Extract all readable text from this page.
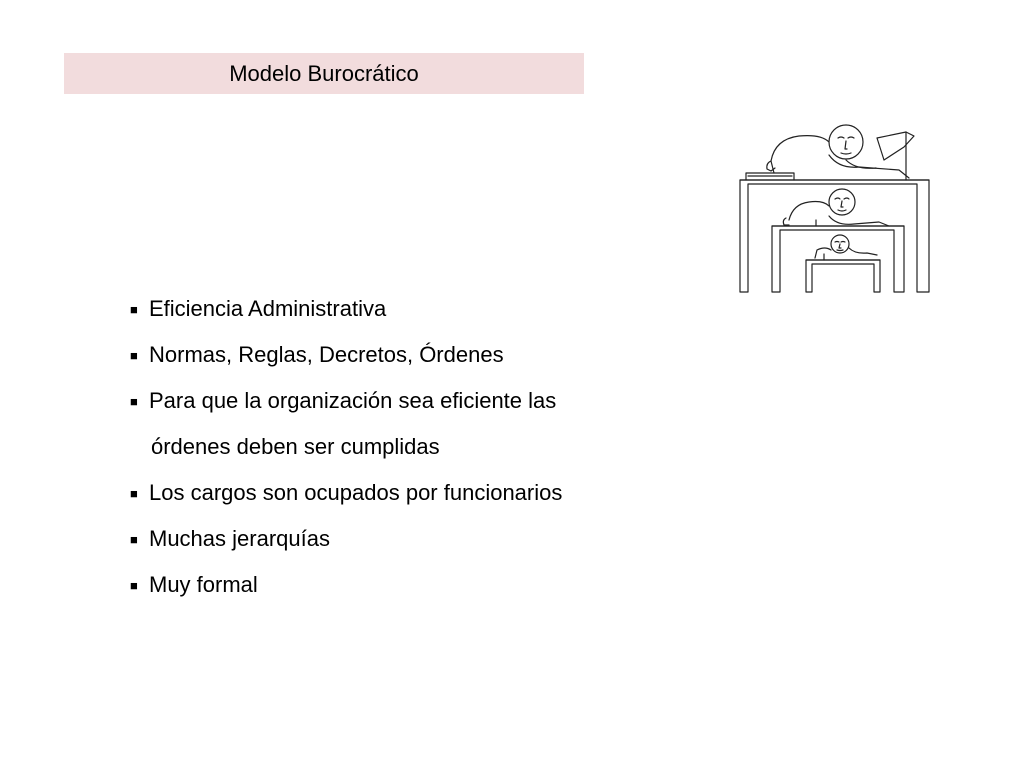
Modelo Burocrático
■ Eficiencia Administrativa
■ Normas, Reglas, Decretos, Órdenes
■ Para que la organización sea eficiente las
órdenes deben ser cumplidas
■ Los cargos son ocupados por funcionarios
■ Muchas jerarquías
■ Muy formal
